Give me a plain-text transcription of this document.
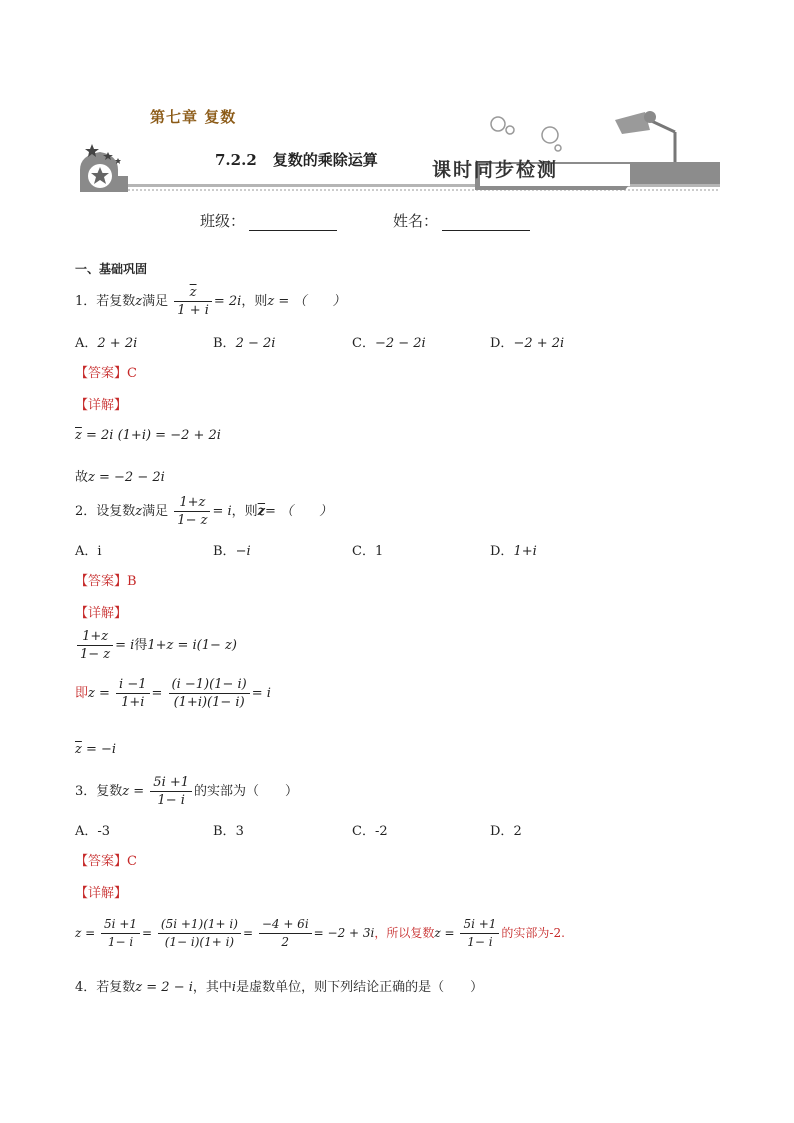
第七章 复数
7.2.2 复数的乘除运算	课时同步检测
班级：	姓名：
一、基础巩固
1．若复数z满足 $\frac{\overline{z}}{1 + i} = 2i$，则z = （　　）
A．2 + 2i	B．2 − 2i	C．−2 − 2i	D．−2 + 2i
【答案】C
【详解】
$\overline{z} = 2i$ (1+i) = −2 + 2i
故z = −2 − 2i
2．设复数z满足 $\frac{1+z}{1- z} = i$，则$\overline{z}=$ （　　）
A．i	B．−i	C．1	D．1+i
【答案】B
【详解】
$\frac{1+z}{1- z} = i$得1+z = i(1− z)
即$z = \frac{i -1}{1+i} = \frac{(i -1)(1- i)}{(1+i)(1- i)} = i$
$\overline{z} = -i$
3．复数$z = \frac{5i +1}{1- i}$ 的实部为（　　）
A．-3	B．3	C．-2	D．2
【答案】C
【详解】
$z = \frac{5i +1}{1- i} = \frac{(5i +1)(1+ i)}{(1- i)(1+ i)} = \frac{-4 + 6i}{2} = -2 + 3i$，所以复数$z = \frac{5i +1}{1- i}$ 的实部为-2.
4．若复数z = 2 − i，其中i是虚数单位，则下列结论正确的是（　　）
